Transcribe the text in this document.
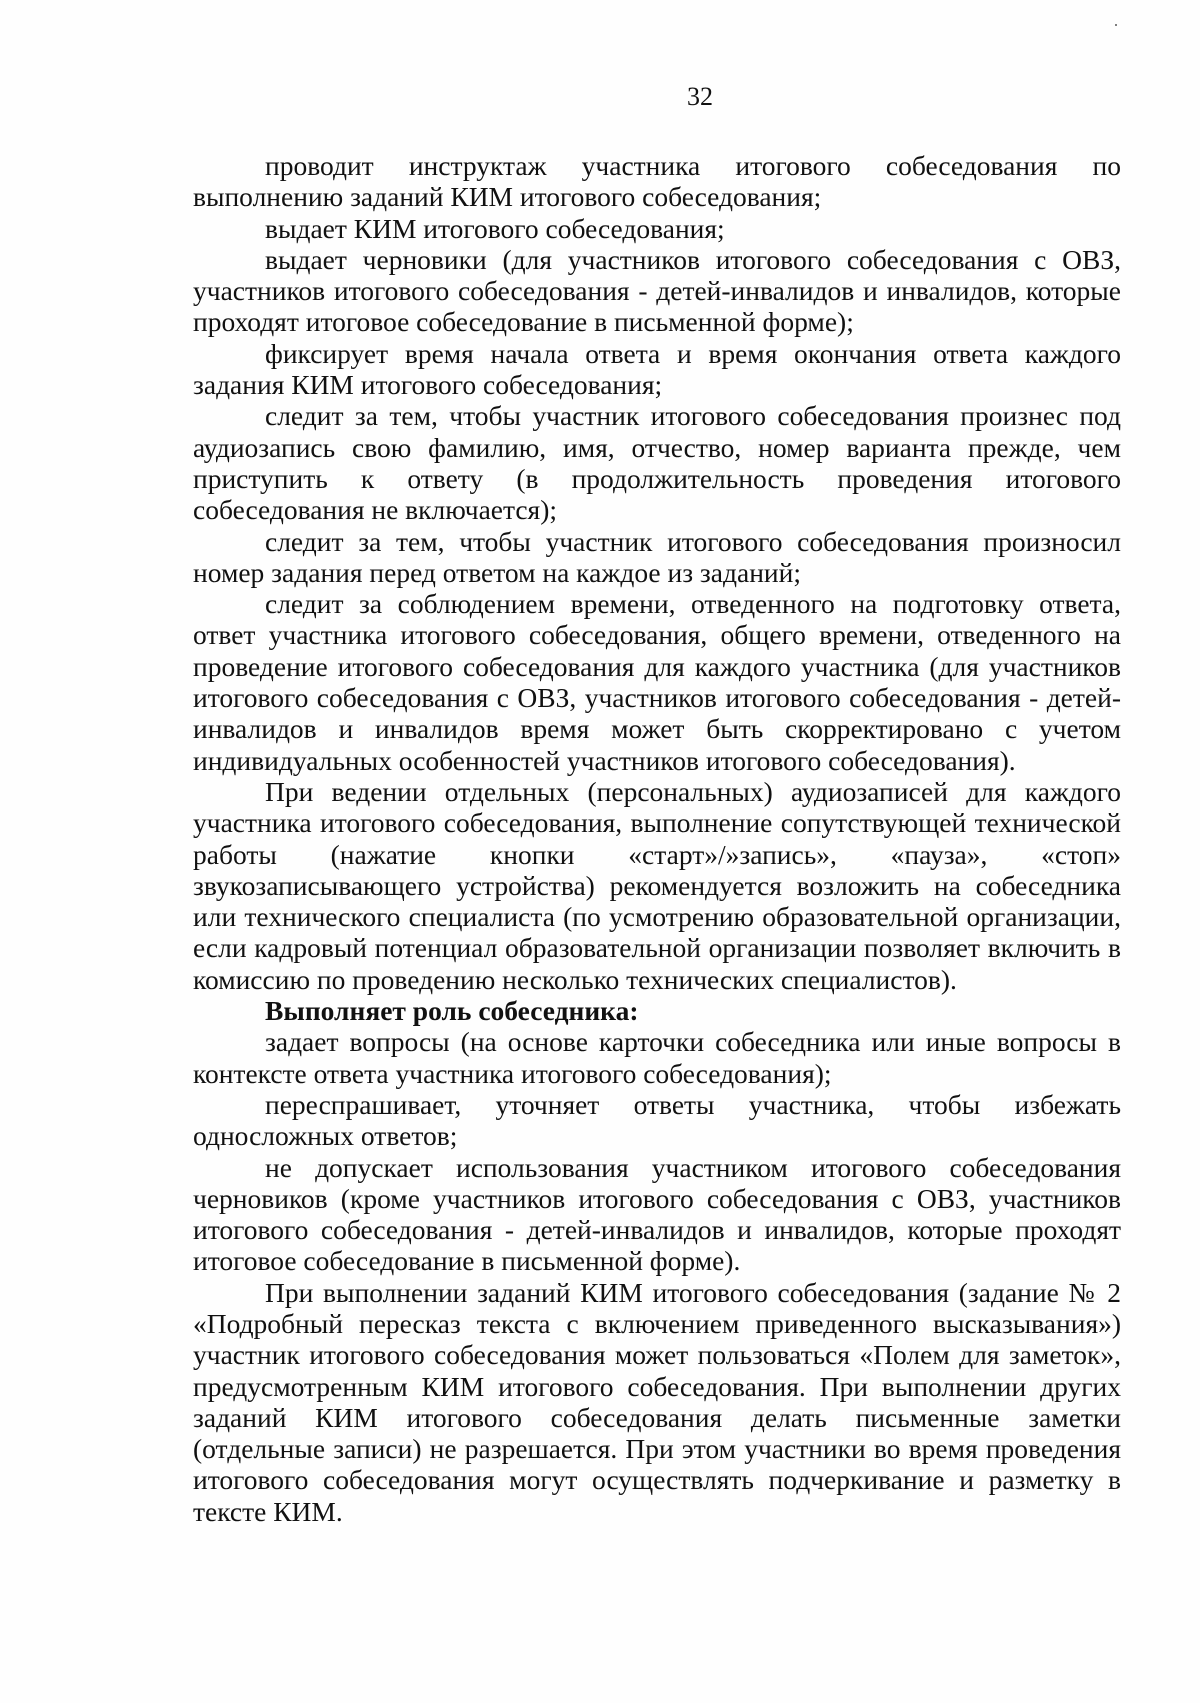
32

проводит инструктаж участника итогового собеседования по выполнению заданий КИМ итогового собеседования;

выдает КИМ итогового собеседования;

выдает черновики (для участников итогового собеседования с ОВЗ, участников итогового собеседования - детей-инвалидов и инвалидов, которые проходят итоговое собеседование в письменной форме);

фиксирует время начала ответа и время окончания ответа каждого задания КИМ итогового собеседования;

следит за тем, чтобы участник итогового собеседования произнес под аудиозапись свою фамилию, имя, отчество, номер варианта прежде, чем приступить к ответу (в продолжительность проведения итогового собеседования не включается);

следит за тем, чтобы участник итогового собеседования произносил номер задания перед ответом на каждое из заданий;

следит за соблюдением времени, отведенного на подготовку ответа, ответ участника итогового собеседования, общего времени, отведенного на проведение итогового собеседования для каждого участника (для участников итогового собеседования с ОВЗ, участников итогового собеседования - детей-инвалидов и инвалидов время может быть скорректировано с учетом индивидуальных особенностей участников итогового собеседования).

При ведении отдельных (персональных) аудиозаписей для каждого участника итогового собеседования, выполнение сопутствующей технической работы (нажатие кнопки «старт»/»запись», «пауза», «стоп» звукозаписывающего устройства) рекомендуется возложить на собеседника или технического специалиста (по усмотрению образовательной организации, если кадровый потенциал образовательной организации позволяет включить в комиссию по проведению несколько технических специалистов).

Выполняет роль собеседника:

задает вопросы (на основе карточки собеседника или иные вопросы в контексте ответа участника итогового собеседования);

переспрашивает, уточняет ответы участника, чтобы избежать односложных ответов;

не допускает использования участником итогового собеседования черновиков (кроме участников итогового собеседования с ОВЗ, участников итогового собеседования - детей-инвалидов и инвалидов, которые проходят итоговое собеседование в письменной форме).

При выполнении заданий КИМ итогового собеседования (задание № 2 «Подробный пересказ текста с включением приведенного высказывания») участник итогового собеседования может пользоваться «Полем для заметок», предусмотренным КИМ итогового собеседования. При выполнении других заданий КИМ итогового собеседования делать письменные заметки (отдельные записи) не разрешается. При этом участники во время проведения итогового собеседования могут осуществлять подчеркивание и разметку в тексте КИМ.
